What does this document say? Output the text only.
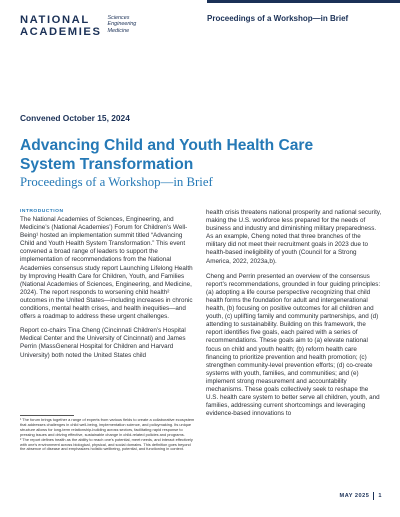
NATIONAL
ACADEMIES
Sciences
Engineering
Medicine
Proceedings of a Workshop—in Brief
Convened October 15, 2024
Advancing Child and Youth Health Care
System Transformation
Proceedings of a Workshop—in Brief
INTRODUCTION

The National Academies of Sciences, Engineering, and Medicine’s (National Academies’) Forum for Children’s Well-Being¹ hosted an implementation summit titled “Advancing Child and Youth Health System Transformation.” This event convened a broad range of leaders to support the implementation of recommendations from the National Academies consensus study report Launching Lifelong Health by Improving Health Care for Children, Youth, and Families (National Academies of Sciences, Engineering, and Medicine, 2024). The report responds to worsening child health² outcomes in the United States—including increases in chronic conditions, mental health crises, and health inequities—and offers a roadmap to address these urgent challenges.

Report co-chairs Tina Cheng (Cincinnati Children’s Hospital Medical Center and the University of Cincinnati) and James Perrin (MassGeneral Hospital for Children and Harvard University) both noted the United States child

¹ The forum brings together a range of experts from various fields to create a collaborative ecosystem that addresses challenges in child well-being, implementation science, and policymaking. Its unique structure allows for long-term relationship-building across sectors, facilitating rapid response to pressing issues and driving effective, sustainable change in child-related policies and programs.

² The report defines health as the ability to reach one’s potential, meet needs, and interact effectively with one’s environment across biological, physical, and social domains. This definition goes beyond the absence of disease and emphasizes holistic wellbeing, potential, and functioning in context.

health crisis threatens national prosperity and national security, making the U.S. workforce less prepared for the needs of business and industry and diminishing military preparedness. As an example, Cheng noted that three branches of the military did not meet their recruitment goals in 2023 due to health-based ineligibility of youth (Council for a Strong America, 2022, 2023a,b).

Cheng and Perrin presented an overview of the consensus report’s recommendations, grounded in four guiding principles: (a) adopting a life course perspective recognizing that child health forms the foundation for adult and intergenerational health, (b) focusing on positive outcomes for all children and youth, (c) uplifting family and community partnerships, and (d) attending to sustainability. Building on this framework, the report identifies five goals, each paired with a series of recommendations. These goals aim to (a) elevate national focus on child and youth health; (b) reform health care financing to prioritize prevention and health promotion; (c) strengthen community-level prevention efforts; (d) co-create systems with youth, families, and communities; and (e) implement strong measurement and accountability mechanisms. These goals collectively seek to reshape the U.S. health care system to better serve all children, youth, and families, addressing current shortcomings and leveraging evidence-based innovations to

MAY 2025 1
